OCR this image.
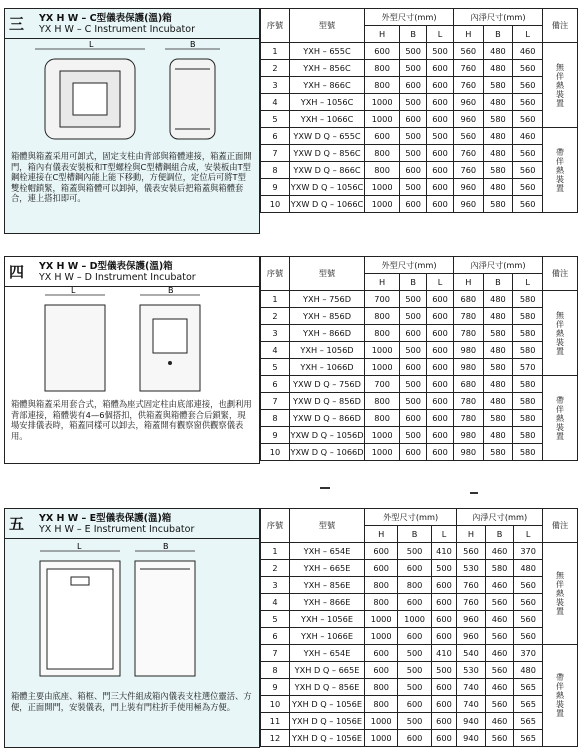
三	YX H W – C型儀表保護(溫)箱
YX H W – C Instrument Incubator
L	B
箱體與箱蓋采用可卸式，固定支柱由背部與箱體連接，箱蓋正面開門，箱內有儀表安裝板和T型螺栓與C型槽鋼組合成，安裝板由T型鋼栓連接在C型槽鋼內能上能下移動，方便調位，定位后可將T型雙栓帽鎖緊，箱蓋與箱體可以卸掉，儀表安裝后把箱蓋與箱體套合，連上搭扣即可。
序號	型號	外型尺寸(mm)			內淨尺寸(mm)			備注
		H	B	L	H	B	L	
1	YXH – 655C	600	500	500	560	480	460	無伴熱裝置
2	YXH – 856C	800	500	600	760	480	560	
3	YXH – 866C	800	600	600	760	580	560	
4	YXH – 1056C	1000	500	600	960	480	560	
5	YXH – 1066C	1000	600	600	960	580	560	
6	YXW D Q – 655C	600	500	500	560	480	460	帶伴熱裝置
7	YXW D Q – 856C	800	500	600	760	480	560	
8	YXW D Q – 866C	800	600	600	760	580	560	
9	YXW D Q – 1056C	1000	500	600	960	480	560	
10	YXW D Q – 1066C	1000	600	600	960	580	560	
四	YX H W – D型儀表保護(溫)箱
YX H W – D Instrument Incubator
L	B
箱體與箱蓋采用套合式，箱體為座式固定柱由底部連接，也劃利用背部連接，箱體裝有4—6個搭扣，供箱蓋與箱體套合后鎖緊，現場安排儀表時，箱蓋同樣可以卸去，箱蓋開有觀察窗供觀察儀表用。
序號	型號	外型尺寸(mm)			內淨尺寸(mm)			備注
		H	B	L	H	B	L	
1	YXH – 756D	700	500	600	680	480	580	無伴熱裝置
2	YXH – 856D	800	500	600	780	480	580	
3	YXH – 866D	800	600	600	780	580	580	
4	YXH – 1056D	1000	500	600	980	480	580	
5	YXH – 1066D	1000	600	600	980	580	570	
6	YXW D Q – 756D	700	500	600	680	480	580	帶伴熱裝置
7	YXW D Q – 856D	800	500	600	780	480	580	
8	YXW D Q – 866D	800	600	600	780	580	580	
9	YXW D Q – 1056D	1000	500	600	980	480	580	
10	YXW D Q – 1066D	1000	600	600	980	580	580	
五	YX H W – E型儀表保護(溫)箱
YX H W – E Instrument Incubator
L	B
箱體主要由底座、箱框、門三大件組成箱內儀表支柱選位靈活、方便，正面開門，安裝儀表，門上裝有門柱折手使用極為方便。
序號	型號	外型尺寸(mm)			內淨尺寸(mm)			備注
		H	B	L	H	B	L	
1	YXH – 654E	600	500	410	560	460	370	無伴熱裝置
2	YXH – 665E	600	600	500	530	580	480	
3	YXH – 856E	800	800	600	760	460	560	
4	YXH – 866E	800	600	600	760	560	560	
5	YXH – 1056E	1000	1000	600	960	460	560	
6	YXH – 1066E	1000	600	600	960	560	560	
7	YXH – 654E	600	500	410	540	460	370	帶伴熱裝置
8	YXH D Q – 665E	600	500	500	530	560	480	
9	YXH D Q – 856E	800	500	600	740	460	565	
10	YXH D Q – 1056E	800	600	600	740	560	565	
11	YXH D Q – 1056E	1000	500	600	940	460	565	
12	YXH D Q – 1056E	1000	600	600	940	560	565	
